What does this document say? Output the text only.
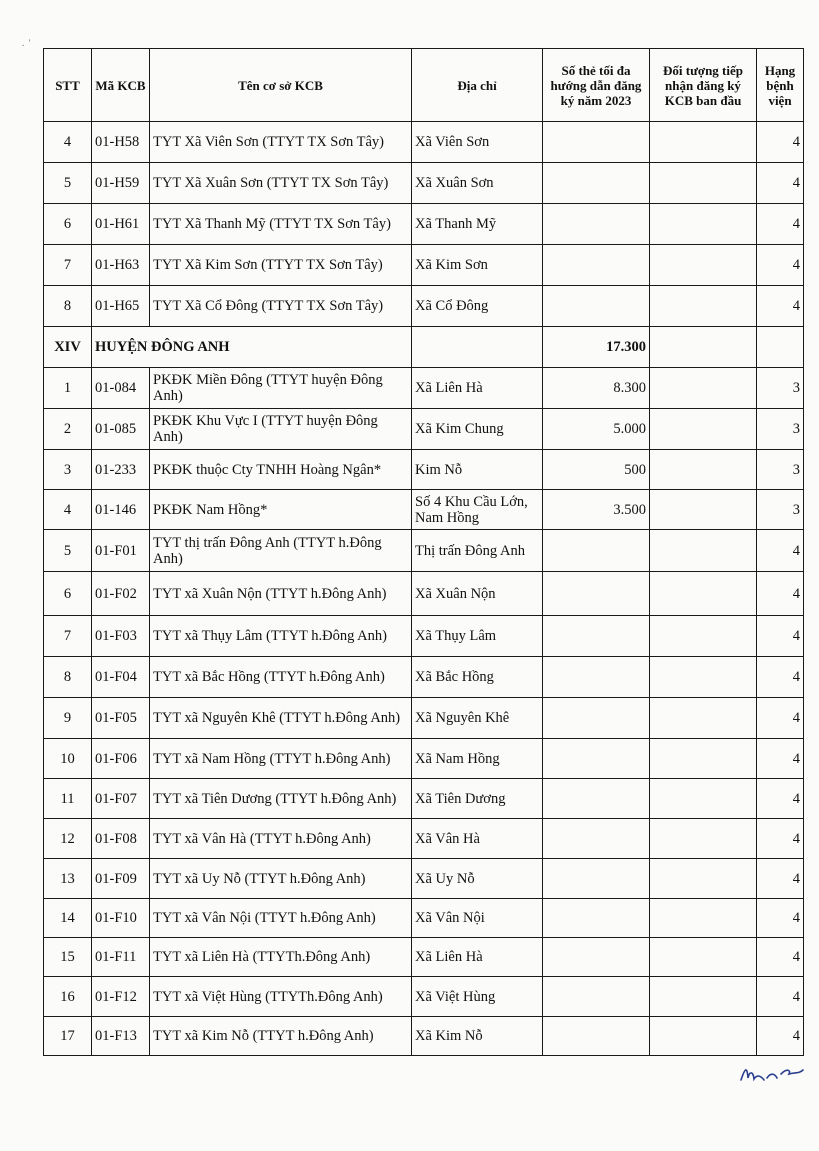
.  '
STT	Mã KCB	Tên cơ sở KCB	Địa chỉ	Số thẻ tối đa hướng dẫn đăng ký năm 2023	Đối tượng tiếp nhận đăng ký KCB ban đầu	Hạng bệnh viện
4	01-H58	TYT Xã Viên Sơn (TTYT TX Sơn Tây)	Xã Viên Sơn			4
5	01-H59	TYT Xã Xuân Sơn (TTYT TX Sơn Tây)	Xã Xuân Sơn			4
6	01-H61	TYT Xã Thanh Mỹ (TTYT TX Sơn Tây)	Xã Thanh Mỹ			4
7	01-H63	TYT Xã Kim Sơn (TTYT TX Sơn Tây)	Xã Kim Sơn			4
8	01-H65	TYT Xã Cổ Đông (TTYT TX Sơn Tây)	Xã Cổ Đông			4
XIV	HUYỆN ĐÔNG ANH			17.300		
1	01-084	PKĐK Miền Đông (TTYT huyện Đông Anh)	Xã Liên Hà	8.300		3
2	01-085	PKĐK Khu Vực I (TTYT huyện Đông Anh)	Xã Kim Chung	5.000		3
3	01-233	PKĐK thuộc Cty TNHH Hoàng Ngân*	Kim Nỗ	500		3
4	01-146	PKĐK Nam Hồng*	Số 4 Khu Cầu Lớn, Nam Hồng	3.500		3
5	01-F01	TYT thị trấn Đông Anh (TTYT h.Đông Anh)	Thị trấn Đông Anh			4
6	01-F02	TYT xã Xuân Nộn (TTYT h.Đông Anh)	Xã Xuân Nộn			4
7	01-F03	TYT xã Thụy Lâm (TTYT h.Đông Anh)	Xã Thụy Lâm			4
8	01-F04	TYT xã Bắc Hồng (TTYT h.Đông Anh)	Xã Bắc Hồng			4
9	01-F05	TYT xã Nguyên Khê (TTYT h.Đông Anh)	Xã Nguyên Khê			4
10	01-F06	TYT xã Nam Hồng (TTYT h.Đông Anh)	Xã Nam Hồng			4
11	01-F07	TYT xã Tiên Dương (TTYT h.Đông Anh)	Xã Tiên Dương			4
12	01-F08	TYT xã Vân Hà (TTYT h.Đông Anh)	Xã Vân Hà			4
13	01-F09	TYT xã Uy Nỗ (TTYT h.Đông Anh)	Xã Uy Nỗ			4
14	01-F10	TYT xã Vân Nội (TTYT h.Đông Anh)	Xã Vân Nội			4
15	01-F11	TYT xã Liên Hà (TTYTh.Đông Anh)	Xã Liên Hà			4
16	01-F12	TYT xã Việt Hùng (TTYTh.Đông Anh)	Xã Việt Hùng			4
17	01-F13	TYT xã Kim Nỗ (TTYT h.Đông Anh)	Xã Kim Nỗ			4
